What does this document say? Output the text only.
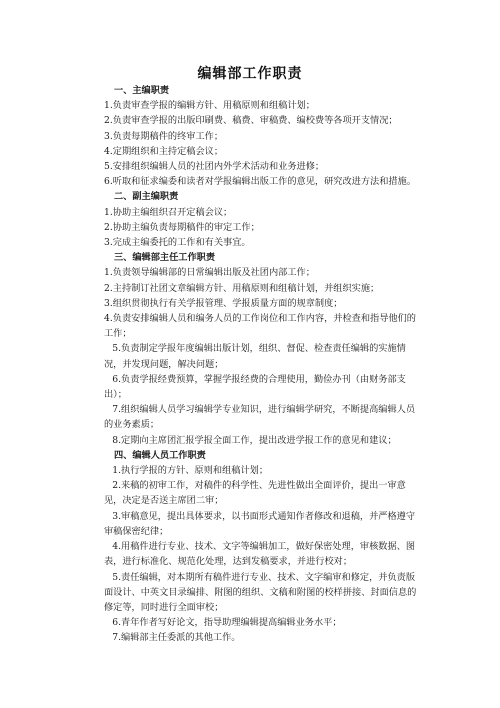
编辑部工作职责
一、主编职责
1.负责审查学报的编辑方针、用稿原则和组稿计划；
2.负责审查学报的出版印刷费、稿费、审稿费、编校费等各项开支情况；
3.负责每期稿件的终审工作；
4.定期组织和主持定稿会议；
5.安排组织编辑人员的社团内外学术活动和业务进修；
6.听取和征求编委和读者对学报编辑出版工作的意见，研究改进方法和措施。
二、副主编职责
1.协助主编组织召开定稿会议；
2.协助主编负责每期稿件的审定工作；
3.完成主编委托的工作和有关事宜。
三、编辑部主任工作职责
1.负责领导编辑部的日常编辑出版及社团内部工作；
2.主持制订社团文章编辑方针、用稿原则和组稿计划，并组织实施；
3.组织贯彻执行有关学报管理、学报质量方面的规章制度；
4.负责安排编辑人员和编务人员的工作岗位和工作内容，并检查和指导他们的工作；
5.负责制定学报年度编辑出版计划，组织、督促、检查责任编辑的实施情况，并发现问题，解决问题；
6.负责学报经费预算，掌握学报经费的合理使用，勤俭办刊（由财务部支出）；
7.组织编辑人员学习编辑学专业知识，进行编辑学研究，不断提高编辑人员的业务素质；
8.定期向主席团汇报学报全面工作，提出改进学报工作的意见和建议；
四、编辑人员工作职责
1.执行学报的方针、原则和组稿计划；
2.来稿的初审工作，对稿件的科学性、先进性做出全面评价，提出一审意见，决定是否送主席团二审；
3.审稿意见，提出具体要求，以书面形式通知作者修改和退稿，并严格遵守审稿保密纪律；
4.用稿件进行专业、技术、文字等编辑加工，做好保密处理，审核数据、图表，进行标准化、规范化处理，达到发稿要求，并进行校对；
5.责任编辑，对本期所有稿件进行专业、技术、文字编审和修定，并负责版面设计、中英文目录编排、附图的组织、文稿和附图的校样拼接、封面信息的修定等，同时进行全面审校；
6.青年作者写好论文，指导助理编辑提高编辑业务水平；
7.编辑部主任委派的其他工作。
